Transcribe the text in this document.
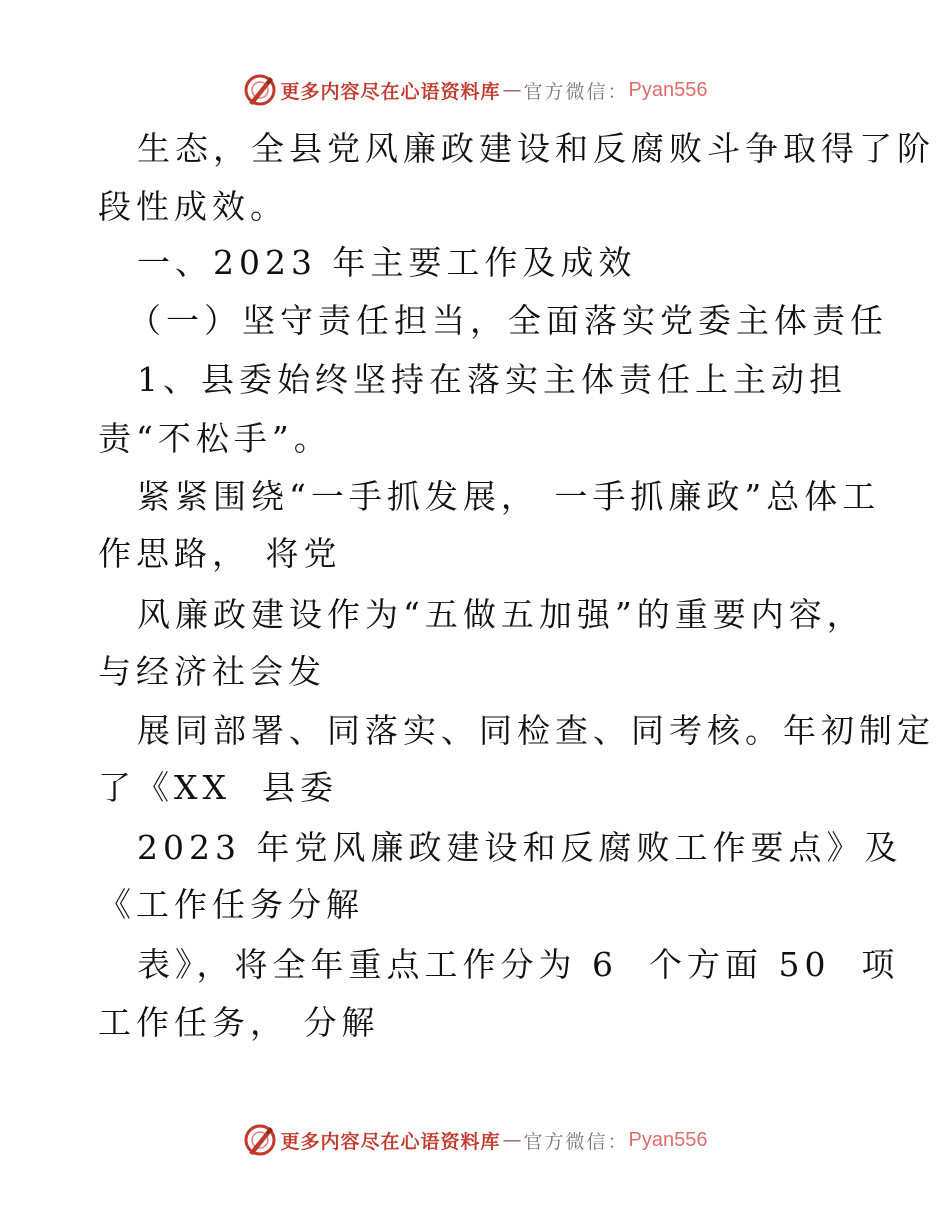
更多内容尽在心语资料库 — 官方微信： Pyan556
生态，全县党风廉政建设和反腐败斗争取得了阶
段性成效。
一、2023 年主要工作及成效
（一）坚守责任担当，全面落实党委主体责任
1、县委始终坚持在落实主体责任上主动担
责“不松手”。
紧紧围绕“一手抓发展， 一手抓廉政”总体工
作思路， 将党
风廉政建设作为“五做五加强”的重要内容，
与经济社会发
展同部署、同落实、同检查、同考核。年初制定
了《XX  县委
2023 年党风廉政建设和反腐败工作要点》及
《工作任务分解
表》，将全年重点工作分为 6  个方面 50  项
工作任务， 分解
更多内容尽在心语资料库 — 官方微信： Pyan556
